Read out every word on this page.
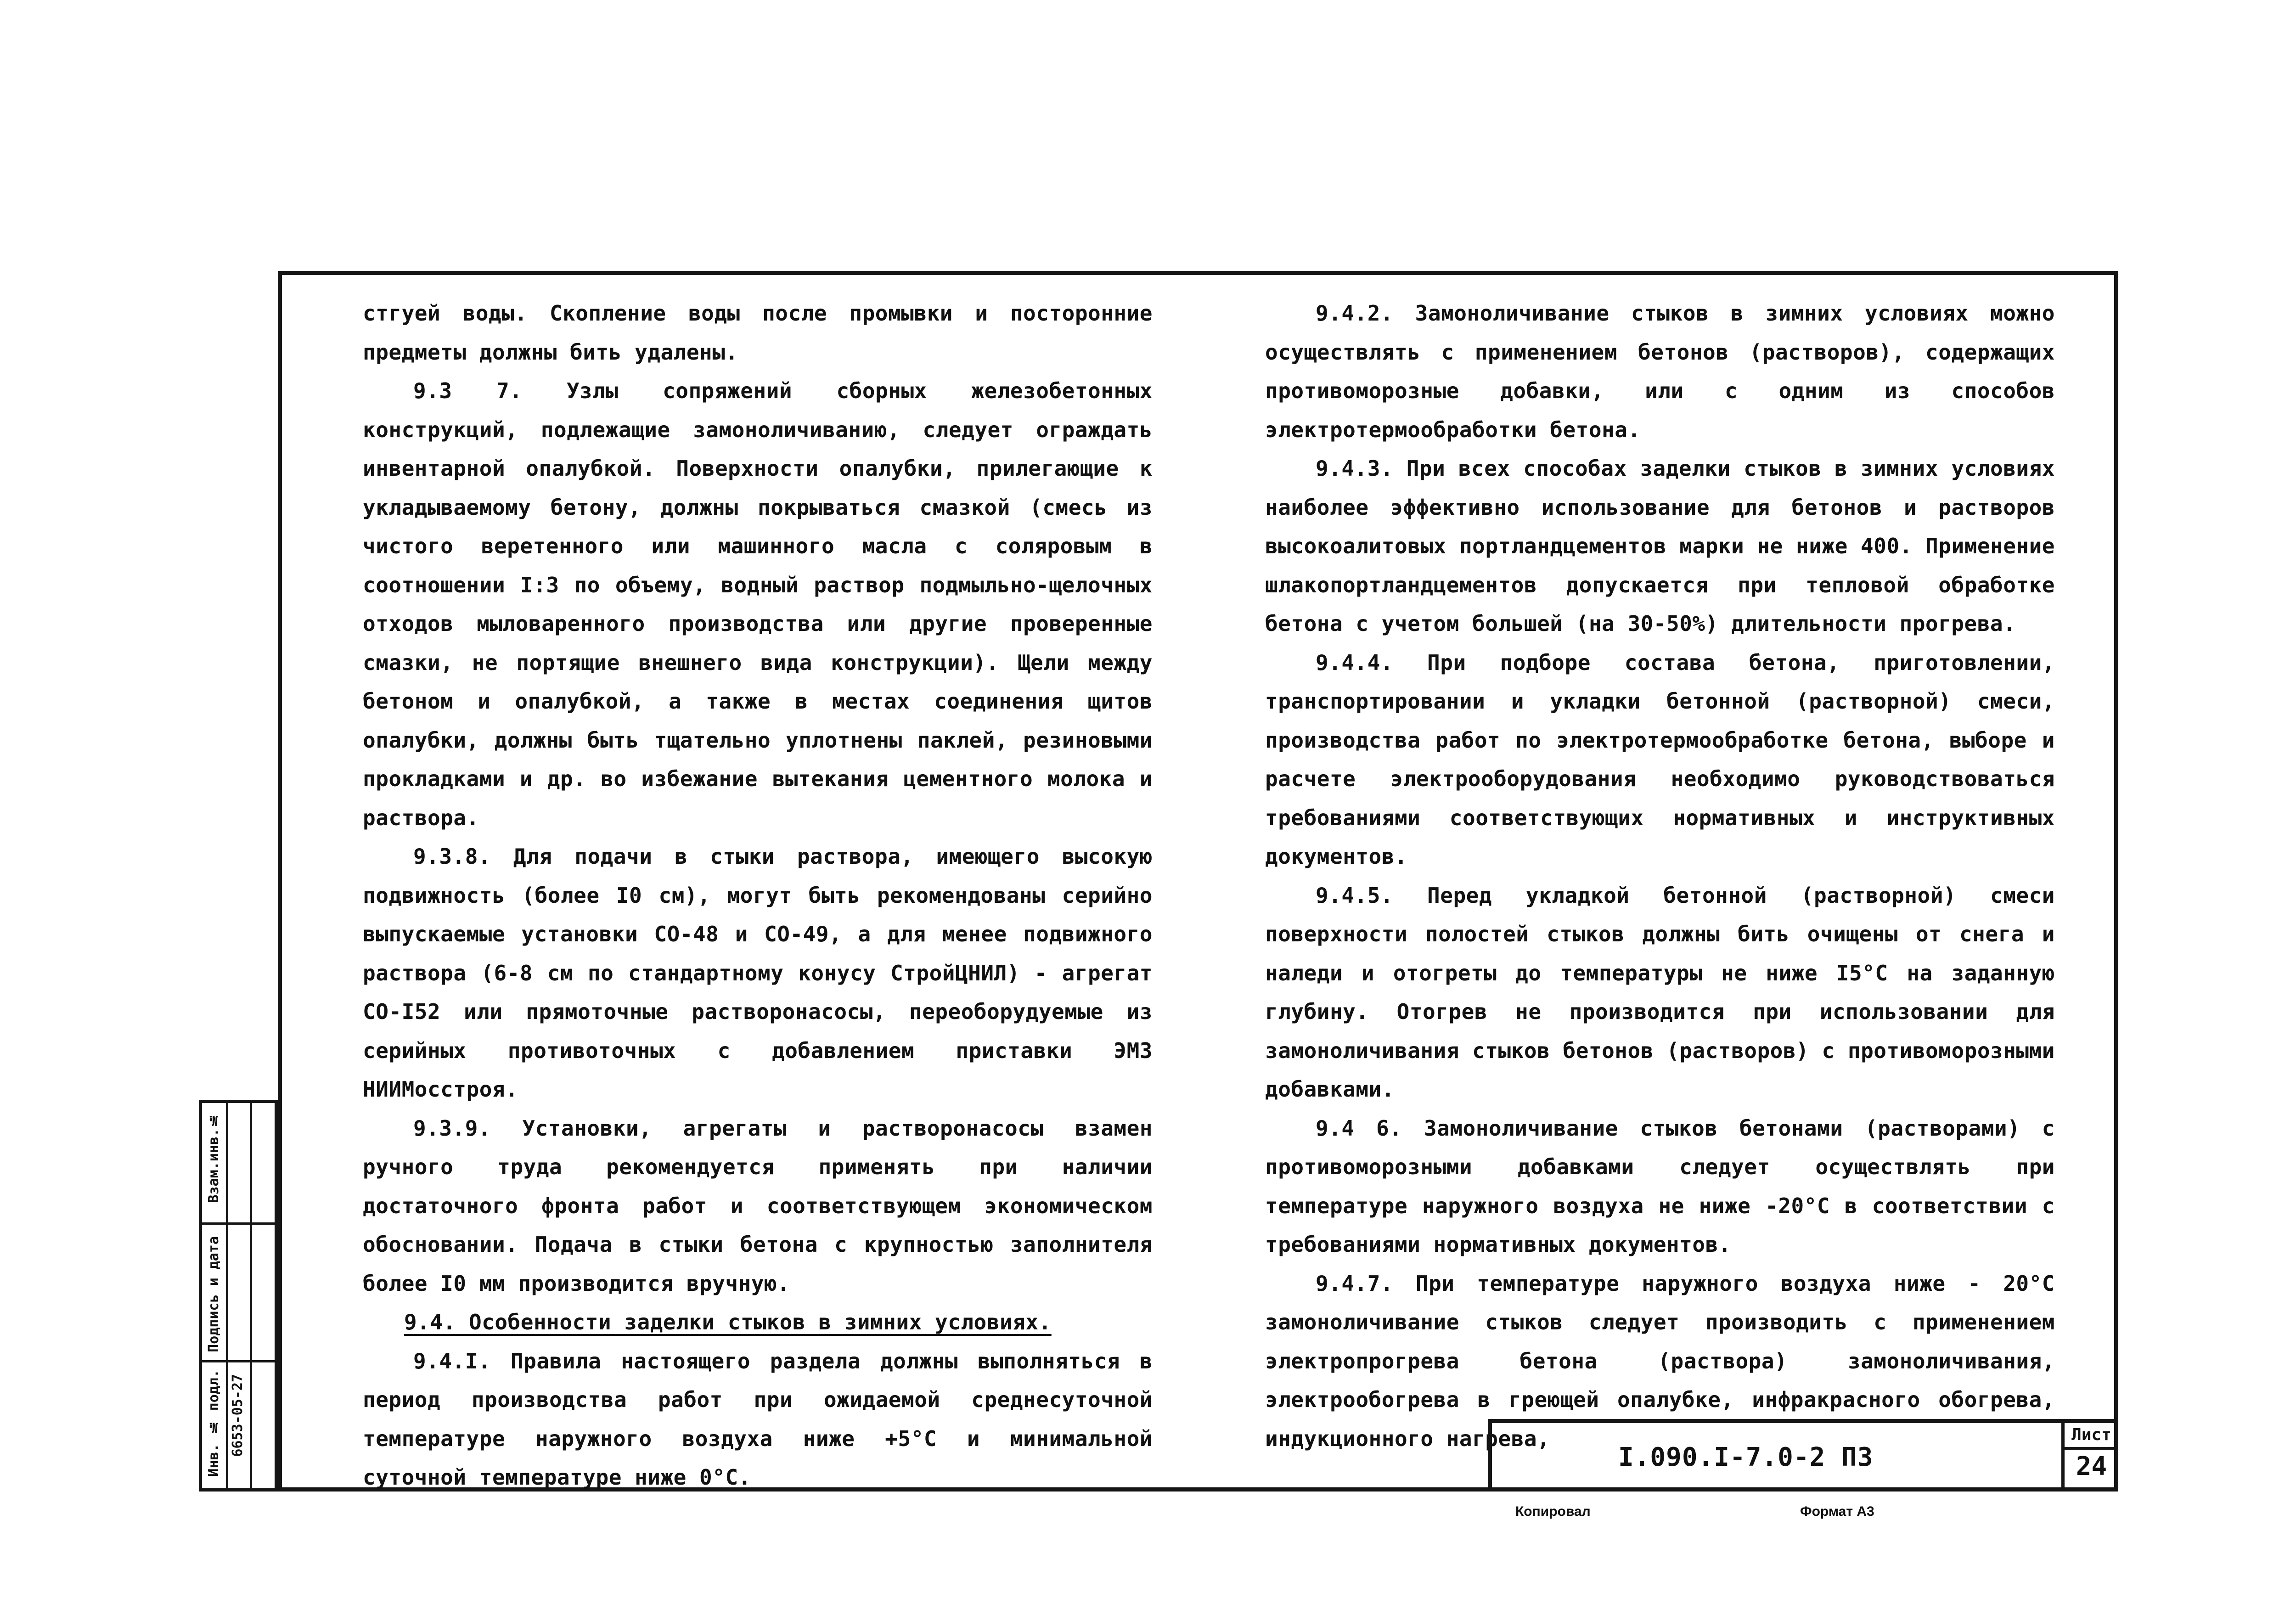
стгуей воды. Скопление воды после промывки и посторонние предметы должны бить удалены.

9.3 7. Узлы сопряжений сборных железобетонных конструкций, подлежащие замоноличиванию, следует ограждать инвентарной опалубкой. Поверхности опалубки, прилегающие к укладываемому бетону, должны покрываться смазкой (смесь из чистого веретенного или машинного масла с соляровым в соотношении I:3 по объему, водный раствор подмыльно-щелочных отходов мыловаренного производства или другие проверенные смазки, не портящие внешнего вида конструкции). Щели между бетоном и опалубкой, а также в местах соединения щитов опалубки, должны быть тщательно уплотнены паклей, резиновыми прокладками и др. во избежание вытекания цементного молока и раствора.

9.3.8. Для подачи в стыки раствора, имеющего высокую подвижность (более I0 см), могут быть рекомендованы серийно выпускаемые установки СО-48 и СО-49, а для менее подвижного раствора (6-8 см по стандартному конусу СтройЦНИЛ) - агрегат СО-I52 или прямоточные растворонасосы, переоборудуемые из серийных противоточных с добавлением приставки ЭМЗ НИИМосстроя.

9.3.9. Установки, агрегаты и растворонасосы взамен ручного труда рекомендуется применять при наличии достаточного фронта работ и соответствующем экономическом обосновании. Подача в стыки бетона с крупностью заполнителя более I0 мм производится вручную.

9.4. Особенности заделки стыков в зимних условиях.

9.4.I. Правила настоящего раздела должны выполняться в период производства работ при ожидаемой среднесуточной температуре наружного воздуха ниже +5°С и минимальной суточной температуре ниже 0°С.

9.4.2. Замоноличивание стыков в зимних условиях можно осуществлять с применением бетонов (растворов), содержащих противоморозные добавки, или с одним из способов электротермообработки бетона.

9.4.3. При всех способах заделки стыков в зимних условиях наиболее эффективно использование для бетонов и растворов высокоалитовых портландцементов марки не ниже 400. Применение шлакопортландцементов допускается при тепловой обработке бетона с учетом большей (на 30-50%) длительности прогрева.

9.4.4. При подборе состава бетона, приготовлении, транспортировании и укладки бетонной (растворной) смеси, производства работ по электротермообработке бетона, выборе и расчете электрооборудования необходимо руководствоваться требованиями соответствующих нормативных и инструктивных документов.

9.4.5. Перед укладкой бетонной (растворной) смеси поверхности полостей стыков должны бить очищены от снега и наледи и отогреты до температуры не ниже I5°С на заданную глубину. Отогрев не производится при использовании для замоноличивания стыков бетонов (растворов) с противоморозными добавками.

9.4 6. Замоноличивание стыков бетонами (растворами) с противоморозными добавками следует осуществлять при температуре наружного воздуха не ниже -20°С в соответствии с требованиями нормативных документов.

9.4.7. При температуре наружного воздуха ниже - 20°С замоноличивание стыков следует производить с применением электропрогрева бетона (раствора) замоноличивания, электрообогрева в греющей опалубке, инфракрасного обогрева, индукционного нагрева,

Инв. № подл. 6653-05-27
Подпись и дата
Взам.инв.№
I.090.I-7.0-2 ПЗ
Лист
24
Копировал	Формат А3
